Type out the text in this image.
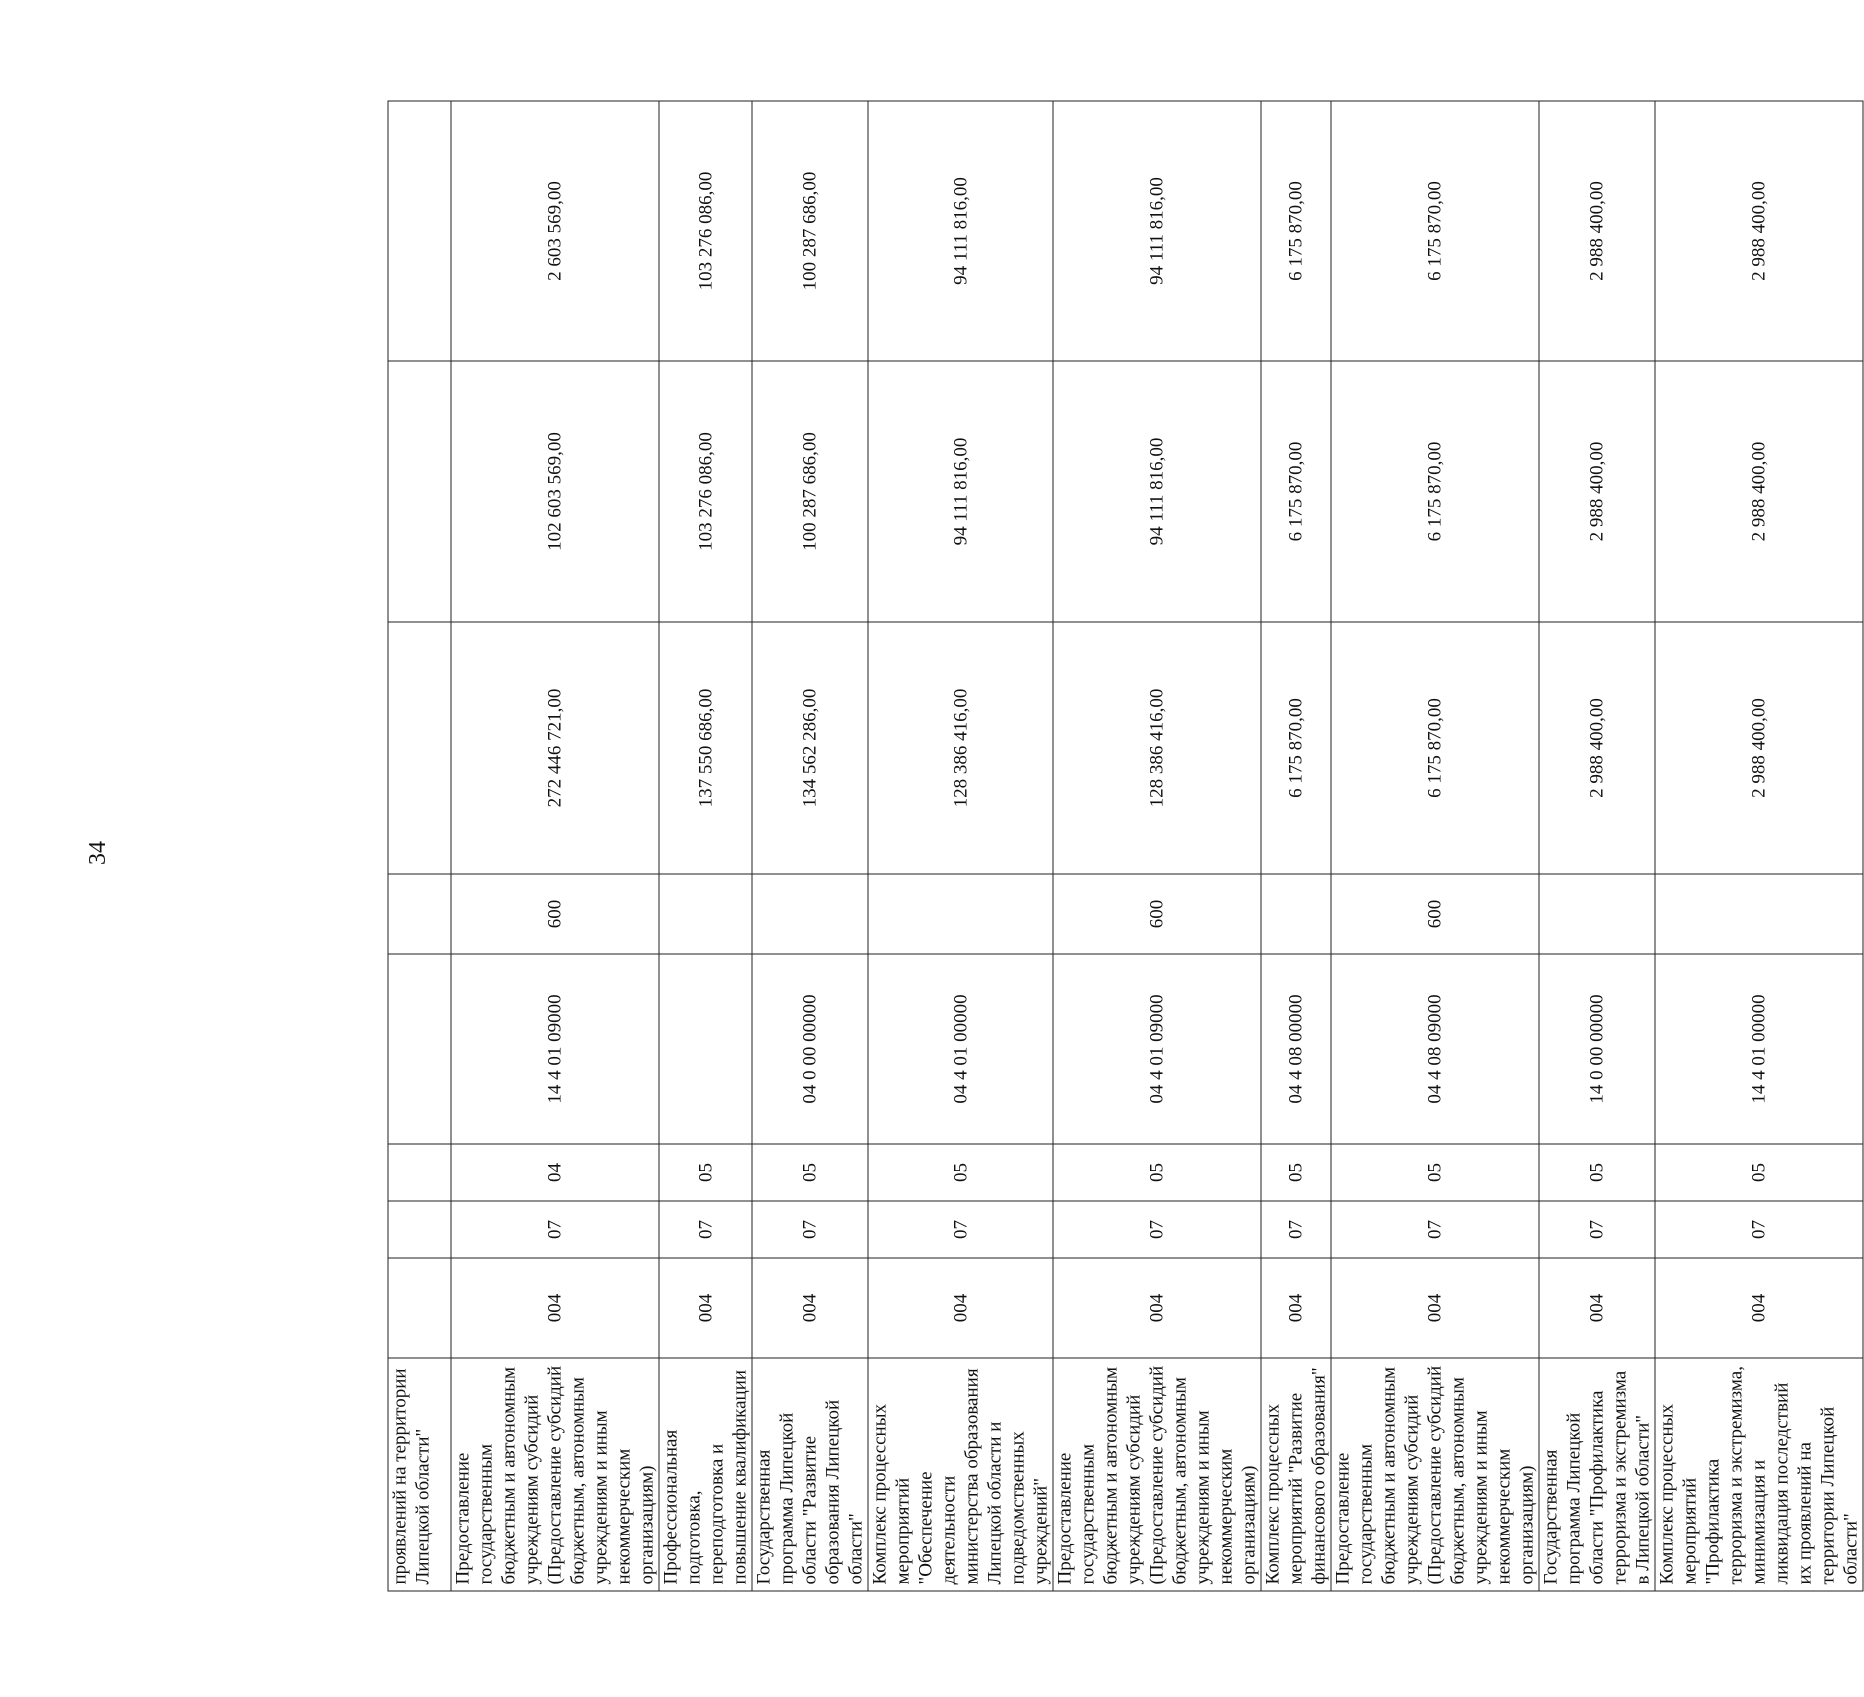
34
проявлений на территории Липецкой области"								
Предоставление государственным бюджетным и автономным учреждениям субсидий (Предоставление субсидий бюджетным, автономным учреждениям и иным некоммерческим организациям)	004	07	04	14 4 01 09000	600	272 446 721,00	102 603 569,00	2 603 569,00
Профессиональная подготовка, переподготовка и повышение квалификации	004	07	05			137 550 686,00	103 276 086,00	103 276 086,00
Государственная программа Липецкой области "Развитие образования Липецкой области"	004	07	05	04 0 00 00000		134 562 286,00	100 287 686,00	100 287 686,00
Комплекс процессных мероприятий "Обеспечение деятельности министерства образования Липецкой области и подведомственных учреждений"	004	07	05	04 4 01 00000		128 386 416,00	94 111 816,00	94 111 816,00
Предоставление государственным бюджетным и автономным учреждениям субсидий (Предоставление субсидий бюджетным, автономным учреждениям и иным некоммерческим организациям)	004	07	05	04 4 01 09000	600	128 386 416,00	94 111 816,00	94 111 816,00
Комплекс процессных мероприятий "Развитие финансового образования"	004	07	05	04 4 08 00000		6 175 870,00	6 175 870,00	6 175 870,00
Предоставление государственным бюджетным и автономным учреждениям субсидий (Предоставление субсидий бюджетным, автономным учреждениям и иным некоммерческим организациям)	004	07	05	04 4 08 09000	600	6 175 870,00	6 175 870,00	6 175 870,00
Государственная программа Липецкой области "Профилактика терроризма и экстремизма в Липецкой области"	004	07	05	14 0 00 00000		2 988 400,00	2 988 400,00	2 988 400,00
Комплекс процессных мероприятий "Профилактика терроризма и экстремизма, минимизация и ликвидация последствий их проявлений на территории Липецкой области"	004	07	05	14 4 01 00000		2 988 400,00	2 988 400,00	2 988 400,00
